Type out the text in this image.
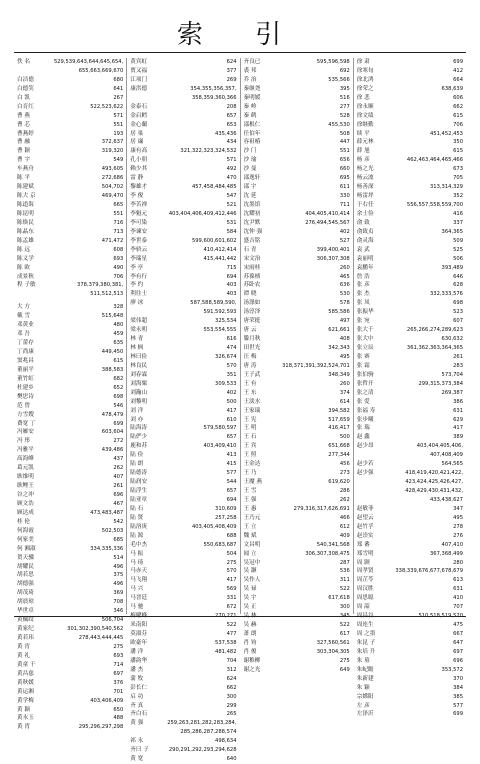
索 引
佚 名	529,539,643,644,645,654,
655,663,669,670
白洁德	680
白德笑	641
白 凯	267
白育红	522,523,622
曹 燕	571
曹 芯	551
曹燕婷	193
曹 融	372,637
曹 颖	319,320
曹 宇	549
车燕舟	493,605
陈 平	272,686
陈建斌	504,702
陈大 京	469,470
陈道海	665
陈昆明	551
陈焕民	716
陈晶东	713
陈孟雄	471,472
陈 远	608
陈义学	693
陈 欧	490
成景秋	706
程 子敏	378,379,380,381,
511,512,513
大 方	328
戴 雪	515,648
邓黄业	480
邓 吾	459
丁蕾存	635
丁尚康	449,450
窦兆昌	615
董丽平	388,583
董竹虹	682
杜建乡	652
樊思诗	698
范 曾	546
方雪嫂	478,479
费宽 丁	699
冯雁安	603,604
冯 彤	272
冯雅平	439,486
高海峰	437
葛元凯	262
耿维明	407
耿鲤王	261
谷之冲	696
顾文浩	467
顾达成	473,483,487
桂 伦	542
何海霞	502,503
何家美	685
何 湘淑	334,335,336
贺天骥	514
胡耀民	496
胡若思	375
胡德强	496
胡茂琦	369
胡晨琼	708
华世卓	346
黄佩纹	506,704
黄家纪	301,302,390,540,562
黄若玮	278,443,444,445
黄 宵	275
黄 礼	693
黄童 千	714
黄昌慈	697
黄秋媛	376
黄运湘	701
黄学梅	403,406,409
黄 颖	650
黄永玉	488
黄 胄	295,296,297,298
黄宾虹	624
贾又福	377
江项门	269
康洪德	354,355,356,357,
358,359,360,366
金泰石	208
金启鳕	657
金心蘭	653
居 巢	435,436
居 廉	434
康有高	321,322,323,324,532
孔小朋	571
赖少其	492
雷 静	470
黎雄才	457,458,484,485
李 俊	547
李苦禅	521
李魁元	403,404,406,409,412,446
李可染	531
李谏安	584
李世泰	599,600,601,602
李骄云	410,412,414
李瑞星	415,441,442
李 亭	715
李有行	694
李 灼	403
利往士	403
廖 冰	587,588,589,590,
591,592,593
梁伟超	325,534
梁永明	553,554,555
林 青	616
林 枫	474
林曰俭	326,674
林良民	570
刘春霖	351
刘海粟	309,533
刘瀚山	402
刘黎明	500
刘 洋	417
刘 亦	610
陆海涛	579,580,597
陆俨少	657
鹿和苏	403,409,410
陆 俭	413
陆 朗	415
陆德涛	577
陆润安	544
陆浮生	657
陆亚章	694
陆 石	310,609
陆 贤	257,258
陆溶庚	403,405,408,409
陆 源	688
毛中杰	550,683,687
马 振	504
马 琦	275
马赤天	570
马飞翔	417
马 兴	569
马晋廷	331
马 驰	672
米南阳	522
莫淑芬	477
欧豪年	537,538
潘 洋	481,482
潘韵华	704
潘 杰	312
蒲 牧	624
彭长仁	662
启 功	300
齐 真	299
齐白石	265
黄 强	259,263,281,282,283,284,
285,286,287,288,574
祁 永	498,634
齐曰 子	290,291,292,293,294,628
黄 宽	640
齐良已	595,596,598
裘 邦	692
乔 治	535,566
秦继尧	395
秦明媛	516
秦 岭	277
秦 鹤	528
邵根仁	455,530
任伯年	508
容祖椿	447
沙 门	551
沙 瑜	656
沙 曼	660
邵逸轩	695
邵 宇	611
沈 延	330
沈墨馆	711
沈耀初	404,405,410,414
沈尹默	276,494,545,567
沈仲 强	402
盛吉铭	527
石 青	399,400,401
宋文治	306,307,308
宋雨桂	260
苏葆桢	465
苏卧农	636
谭 晓	530
汤涤如	578
汤淳泽	585,586
唐荣挺	497
唐 云	621,661
滕月秋	408
田世光	342,343
汪 梅	495
唐 涛	318,371,391,392,524,701
王子武	348,349
王 有	260
王 东	374
王淡水	614
王家瑞	394,582
王 宪	517,659
王 明	416,417
王 石	500
王 宾	651,668
王 照	277,344
王金达	456
王 乃	273
王魔 燕	619,620
王 雪	286
王 强	262
王 惠	279,316,317,626,691
王乃元	466
王 立	612
魏 斌	409
文昌明	540,341,568
闻 立	306,307,308,475
吴冠中	287
吴 灏	536
吴作人	311
吴 禄	522
吴 宇	617,618
吴 正	300
吴 赫	522
萧 朗	617
肖 钧	327,560,561
肖 俊	303,304,305
谢稚柳	275
谢之光	649
徐 肃	699
徐寒旬	412
徐北鸿	664
徐荣之	638,639
徐 悲	606
徐永顺	662
徐文绩	615
徐继勤	706
续 平	451,452,453
薛元林	350
薛 旭	615
杨 彦	462,463,464,465,466
杨之光	673
杨云波	705
杨善深	313,314,329
杨雷坪	352
于右任	556,557,558,559,700
余士俭	416
俞 致	337
俞致贞	364,365
俞灵海	509
袁 武	525
袁丽明	506
袁鹏年	393,489
詹 浩	646
张 彦	628
张 杰	332,333,576
张 凤	698
张振华	523
张 宛	607
张大千	265,266,274,289,623
张大中	630,632
张立辰	361,362,363,364,365
张 赛	261
张 霜	283
张伯驹	573,704
张哲开	299,315,373,384
张之清	269,387
张 爱	386
张福 寿	631
张步曦	629
张 瑞	417
赵 鑫	389
赵少昂	403,404,405,406,
407,408,409
赵少若	564,565
赵少强	418,419,420,421,422,
423,424,425,426,427,
428,429,430,431,432,
433,438,627
赵敏菲	347
赵望云	495
赵竹孚	278
赵崇实	276
郑 蕃	407,410
郑雪明	367,368,499
周 颢	280
周孝贤	338,339,676,677,678,679
周芷苓	613
周汉胜	631
周思聪	410
周 韶	707
周连生	475
周 之墨	667
朱昆 子	647
朱培 升	697
朱 墓	696
朱屺瞻	353,572
朱新建	370
朱 颖	384
宗嫦阳	385
左 彦	577
左泽沂	699
